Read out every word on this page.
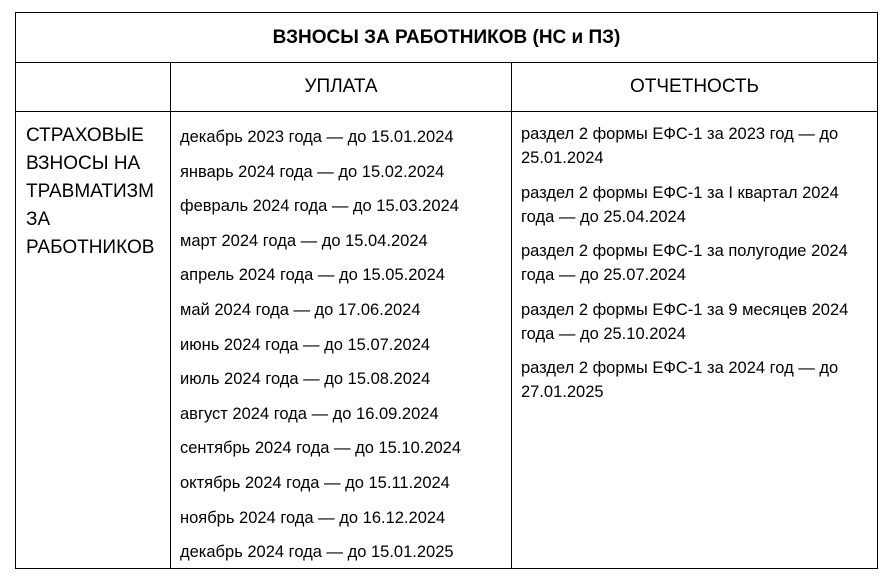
ВЗНОСЫ ЗА РАБОТНИКОВ (НС и ПЗ)
УПЛАТА	ОТЧЕТНОСТЬ
СТРАХОВЫЕ
ВЗНОСЫ НА
ТРАВМАТИЗМ
ЗА
РАБОТНИКОВ
декабрь 2023 года — до 15.01.2024
январь 2024 года — до 15.02.2024
февраль 2024 года — до 15.03.2024
март 2024 года — до 15.04.2024
апрель 2024 года — до 15.05.2024
май 2024 года — до 17.06.2024
июнь 2024 года — до 15.07.2024
июль 2024 года — до 15.08.2024
август 2024 года — до 16.09.2024
сентябрь 2024 года — до 15.10.2024
октябрь 2024 года — до 15.11.2024
ноябрь 2024 года — до 16.12.2024
декабрь 2024 года — до 15.01.2025
раздел 2 формы ЕФС-1 за 2023 год — до 25.01.2024
раздел 2 формы ЕФС-1 за I квартал 2024 года — до 25.04.2024
раздел 2 формы ЕФС-1 за полугодие 2024 года — до 25.07.2024
раздел 2 формы ЕФС-1 за 9 месяцев 2024 года — до 25.10.2024
раздел 2 формы ЕФС-1 за 2024 год — до 27.01.2025
